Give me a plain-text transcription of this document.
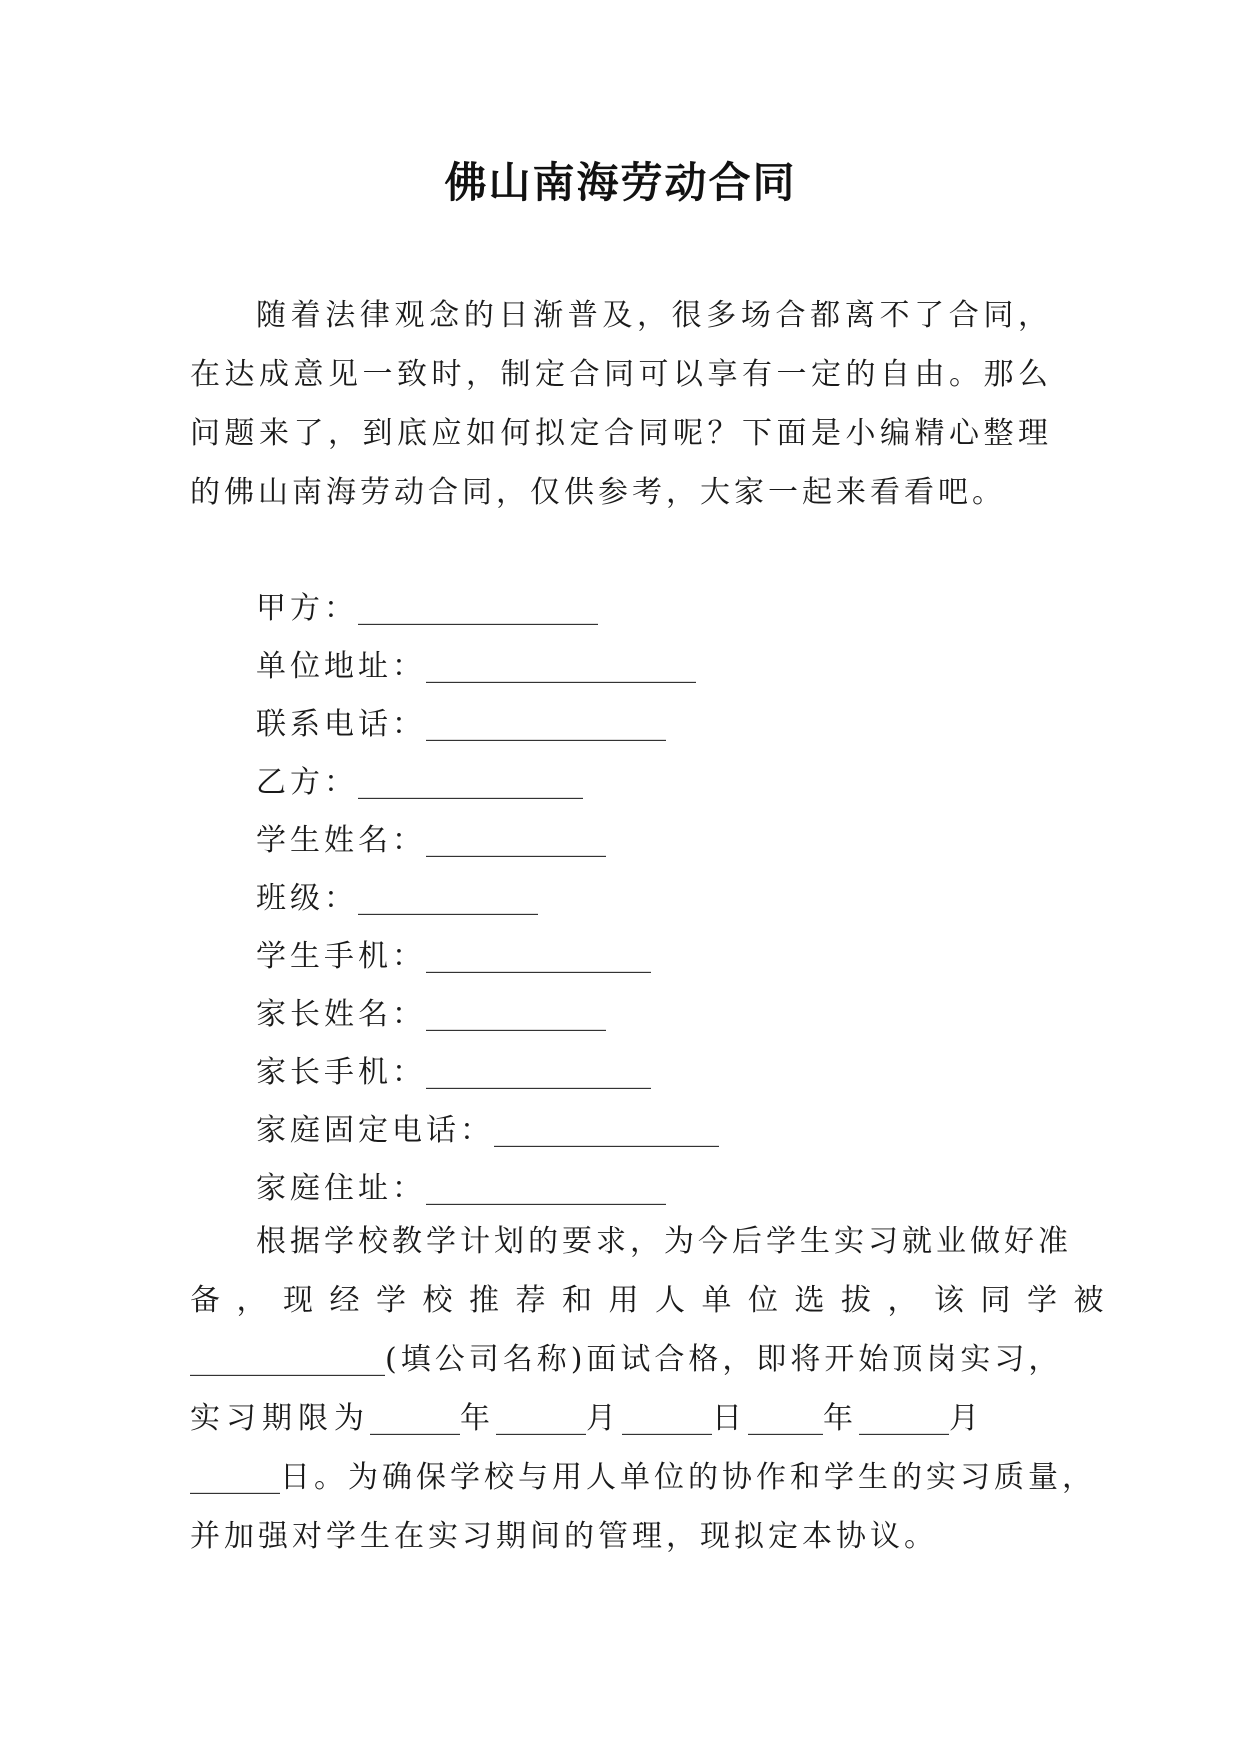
佛山南海劳动合同

随着法律观念的日渐普及，很多场合都离不了合同，在达成意见一致时，制定合同可以享有一定的自由。那么问题来了，到底应如何拟定合同呢？下面是小编精心整理的佛山南海劳动合同，仅供参考，大家一起来看看吧。

甲方：________________
单位地址：__________________
联系电话：________________
乙方：_______________
学生姓名：____________
班级：____________
学生手机：_______________
家长姓名：____________
家长手机：_______________
家庭固定电话：_______________
家庭住址：________________
根据学校教学计划的要求，为今后学生实习就业做好准
备，现经学校推荐和用人单位选拔，该同学被
_____________(填公司名称)面试合格，即将开始顶岗实习，
实习期限为______年______月______日_____年______月
______日。为确保学校与用人单位的协作和学生的实习质量，
并加强对学生在实习期间的管理，现拟定本协议。
